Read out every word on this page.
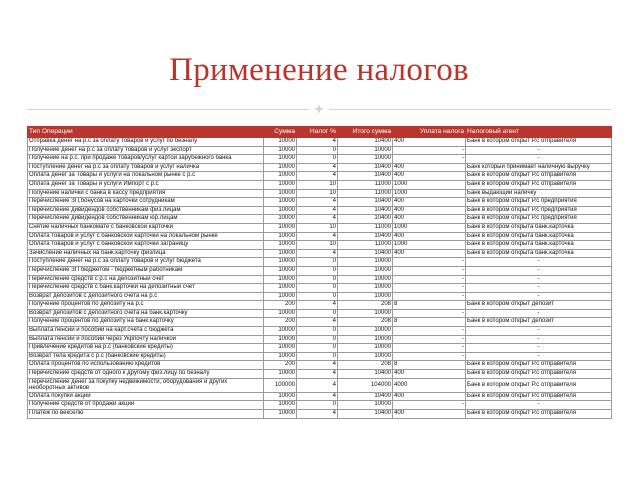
Применение налогов
Тип Операции	Сумма	Налог %	Итого сумма	Уплата налога	Налоговый агент
Отправка денег на р.с за оплату товаров и услуг по безналу	10000	4	10400	400	Банк в котором открыт Р.с отправителя
Получение денег на р.с за оплату товаров и услуг экспорт	10000	0	10000	-	-
Получение на р.с. при продаже товаров/услуг картой зарубежного банка	10000	0	10000	-	-
Поступление денег на р.с за оплату товаров и услуг наличка	10000	4	10400	400	Банк который принимает наличную выручку
Оплата денег за Товары и услуги на локальном рынке с р.с	10000	4	10400	400	Банк в котором открыт Р.с отправителя
Оплата денег за Товары и услуги Импорт с р.с	10000	10	11000	1000	Банк в котором открыт Р.с отправителя
Получение налички с банка в кассу предприятия	10000	10	11000	1000	Банк выдающий наличку
Перечисление ЗП,бонусов на карточки сотрудникам	10000	4	10400	400	Банк в котором открыт Р.с предприятия
Перечисление дивидендов собственникам физ.лицам	10000	4	10400	400	Банк в котором открыт Р.с предприятия
Перечисление дивидендов собственникам юр.лицам	10000	4	10400	400	Банк в котором открыт Р.с предприятия
Снятие наличных банкомате с банковской карточки	10000	10	11000	1000	Банк в котором открыта банк.карточка
Оплата товаров и услуг с банковской карточки на локальном рынке	10000	4	10400	400	Банк в котором открыта банк.карточка
Оплата товаров и услуг с банковской карточки заграницу	10000	10	11000	1000	Банк в котором открыта банк.карточка
Зачисление наличных на банк.карточку физлица	10000	4	10400	400	Банк в котором открыта банк.карточка
Поступление денег на р.с за оплату товаров и услуг бюджета	10000	0	10000	-	-
Перечисление ЗП бюджетом - бюджетным работникам	10000	0	10000	-	-
Перечисление средств с р.с на депозитный счет	10000	0	10000	-	-
Перечисление средств с банк.карточки на депозитный счет	10000	0	10000	-	-
Возврат депозитов с депозитного счета на р.с	10000	0	10000	-	-
Получение процентов по депозиту на р.с	200	4	208	8	Банк в котором открыт депозит
Возврат депозитов с депозитного счета на банк.карточку	10000	0	10000	-	-
Получение процентов по депозиту на банк.карточку	200	4	208	8	Банк в котором открыт депозит
Выплата пенсий и пособий на карт.счета с бюджета	10000	0	10000	-	-
Выплата пенсий и пособий через Укрпочту наличкой	10000	0	10000	-	-
Привлечение кредитов на р.с (банковские кредиты)	10000	0	10000	-	-
Возврат тела кредита с р.с (банковские кредиты)	10000	0	10000	-	-
Оплата процентов по использованию кредитов	200	4	208	8	Банк в котором открыт Р.с отправителя
Перечисление средств от одного к другому физ.лицу по безналу	10000	4	10400	400	Банк в котором открыт Р.с отправителя
Перечисление денег за покупку недвижимости, оборудования и других необоротных активов	100000	4	104000	4000	Банк в котором открыт Р.с отправителя
Оплата покупки акций	10000	4	10400	400	Банк в котором открыт Р.с отправителя
Получение средств от продажи акций	10000	0	10000	-	-
Платёж по векселю	10000	4	10400	400	Банк в котором открыт Р.с отправителя
